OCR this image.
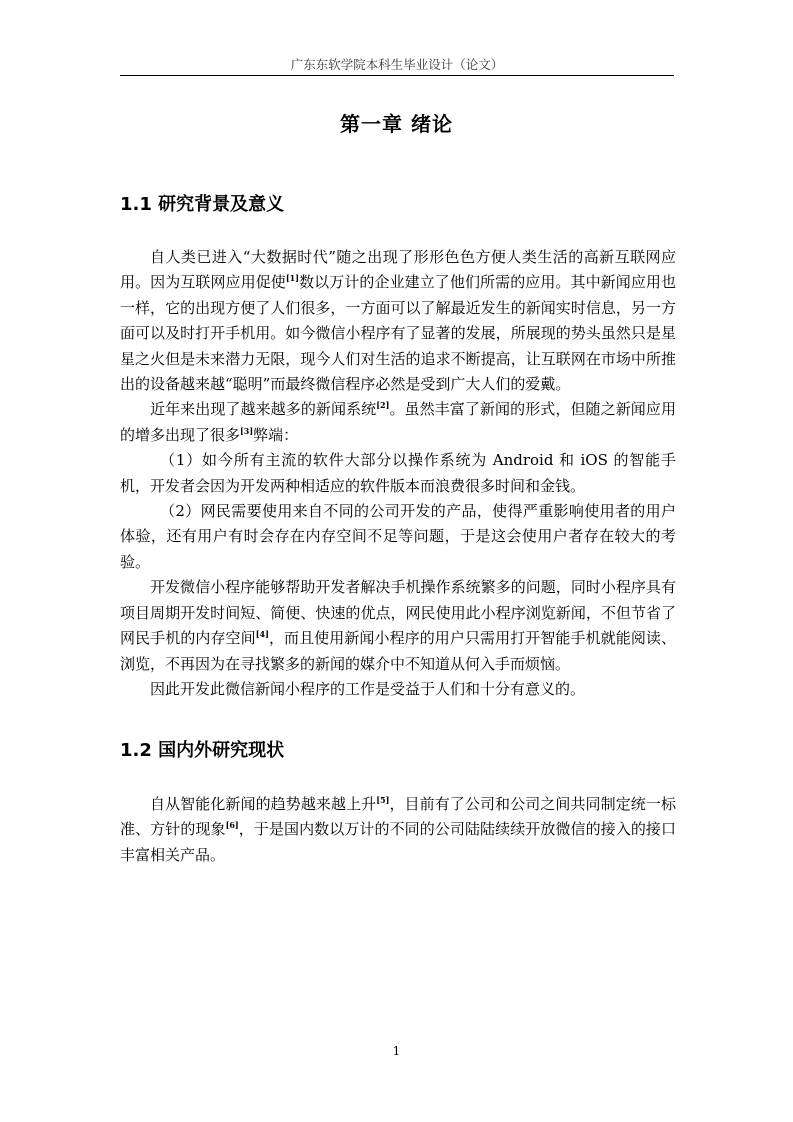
广东东软学院本科生毕业设计（论文）
第一章 绪论
1.1 研究背景及意义

自人类已进入“大数据时代”随之出现了形形色色方便人类生活的高新互联网应用。因为互联网应用促使[1]数以万计的企业建立了他们所需的应用。其中新闻应用也一样，它的出现方便了人们很多，一方面可以了解最近发生的新闻实时信息，另一方面可以及时打开手机用。如今微信小程序有了显著的发展，所展现的势头虽然只是星星之火但是未来潜力无限，现今人们对生活的追求不断提高，让互联网在市场中所推出的设备越来越“聪明”而最终微信程序必然是受到广大人们的爱戴。

近年来出现了越来越多的新闻系统[2]。虽然丰富了新闻的形式，但随之新闻应用的增多出现了很多[3]弊端：

（1）如今所有主流的软件大部分以操作系统为 Android 和 iOS 的智能手机，开发者会因为开发两种相适应的软件版本而浪费很多时间和金钱。

（2）网民需要使用来自不同的公司开发的产品，使得严重影响使用者的用户体验，还有用户有时会存在内存空间不足等问题，于是这会使用户者存在较大的考验。

开发微信小程序能够帮助开发者解决手机操作系统繁多的问题，同时小程序具有项目周期开发时间短、简便、快速的优点，网民使用此小程序浏览新闻，不但节省了网民手机的内存空间[4]，而且使用新闻小程序的用户只需用打开智能手机就能阅读、浏览，不再因为在寻找繁多的新闻的媒介中不知道从何入手而烦恼。

因此开发此微信新闻小程序的工作是受益于人们和十分有意义的。

1.2 国内外研究现状

自从智能化新闻的趋势越来越上升[5]，目前有了公司和公司之间共同制定统一标准、方针的现象[6]，于是国内数以万计的不同的公司陆陆续续开放微信的接入的接口丰富相关产品。

1
